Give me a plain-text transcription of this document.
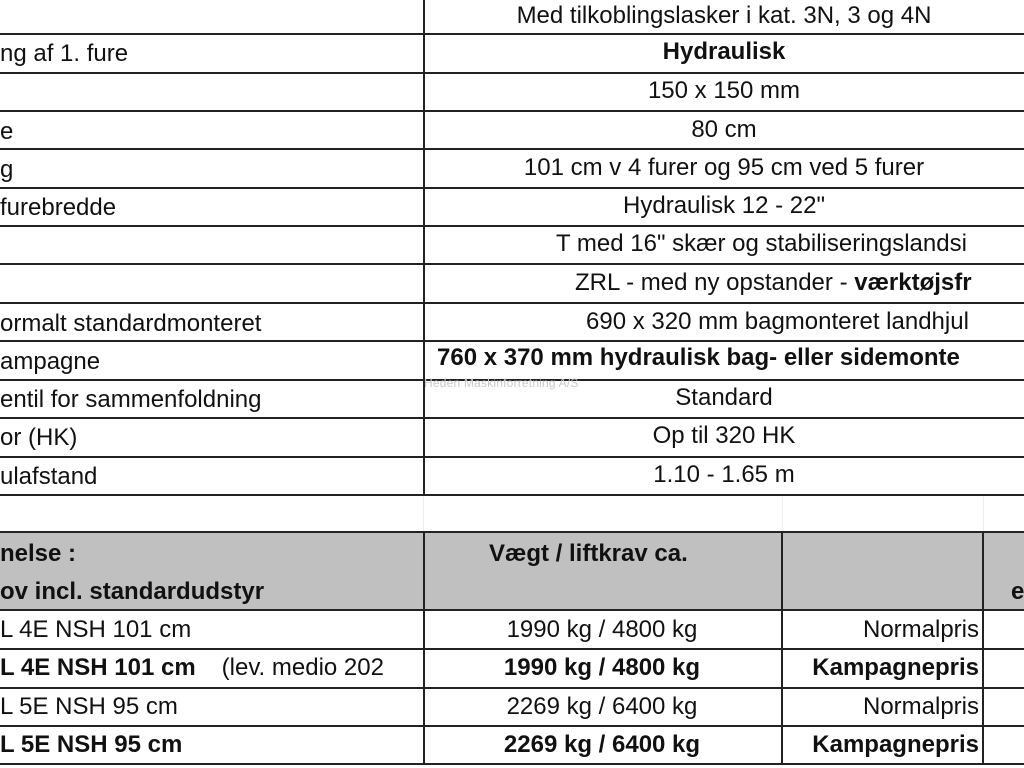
Med tilkoblingslasker i kat. 3N, 3 og 4N
ng af 1. fure	Hydraulisk
150 x 150 mm
e	80 cm
g	101 cm v 4 furer og 95 cm ved 5 furer
furebredde	Hydraulisk 12 - 22"
T med 16" skær og stabiliseringslandsi
ZRL - med ny opstander - værktøjsfr
ormalt standardmonteret	690 x 320 mm bagmonteret landhjul
ampagne	760 x 370 mm hydraulisk bag- eller sidemonte
entil for sammenfoldning	Standard
or (HK)	Op til 320 HK
ulafstand	1.10 - 1.65 m
Heden Maskinforretning A/S
nelse :
ov incl. standardudstyr
Vægt / liftkrav ca.
e
L 4E NSH 101 cm	1990 kg / 4800 kg	Normalpris
L 4E NSH 101 cm (lev. medio 202	1990 kg / 4800 kg	Kampagnepris
L 5E NSH 95 cm	2269 kg / 6400 kg	Normalpris
L 5E NSH 95 cm	2269 kg / 6400 kg	Kampagnepris
